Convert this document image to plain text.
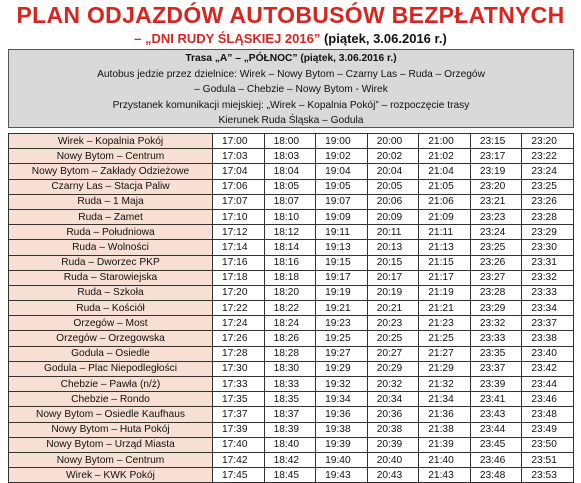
PLAN ODJAZDÓW AUTOBUSÓW BEZPŁATNYCH
– „DNI RUDY ŚLĄSKIEJ 2016” (piątek, 3.06.2016 r.)
Trasa „A” – „PÓŁNOC” (piątek, 3.06.2016 r.)
Autobus jedzie przez dzielnice: Wirek – Nowy Bytom – Czarny Las – Ruda – Orzegów
– Godula – Chebzie – Nowy Bytom - Wirek
Przystanek komunikacji miejskiej: „Wirek – Kopalnia Pokój” – rozpoczęcie trasy
Kierunek Ruda Śląska – Godula
Wirek – Kopalnia Pokój	17:00	18:00	19:00	20:00	21:00	23:15	23:20
Nowy Bytom – Centrum	17:03	18:03	19:02	20:02	21:02	23:17	23:22
Nowy Bytom – Zakłady Odzieżowe	17:04	18:04	19:04	20:04	21:04	23:19	23:24
Czarny Las – Stacja Paliw	17:06	18:05	19:05	20:05	21:05	23:20	23:25
Ruda – 1 Maja	17:07	18:07	19:07	20:06	21:06	23:21	23:26
Ruda – Zamet	17:10	18:10	19:09	20:09	21:09	23:23	23:28
Ruda – Południowa	17:12	18:12	19:11	20:11	21:11	23:24	23:29
Ruda – Wolności	17:14	18:14	19:13	20:13	21:13	23:25	23:30
Ruda – Dworzec PKP	17:16	18:16	19:15	20:15	21:15	23:26	23:31
Ruda – Starowiejska	17:18	18:18	19:17	20:17	21:17	23:27	23:32
Ruda – Szkoła	17:20	18:20	19:19	20:19	21:19	23:28	23:33
Ruda – Kościół	17:22	18:22	19:21	20:21	21:21	23:29	23:34
Orzegów – Most	17:24	18:24	19:23	20:23	21:23	23:32	23:37
Orzegów – Orzegowska	17:26	18:26	19:25	20:25	21:25	23:33	23:38
Godula – Osiedle	17:28	18:28	19:27	20:27	21:27	23:35	23:40
Godula – Plac Niepodległości	17:30	18:30	19:29	20:29	21:29	23:37	23:42
Chebzie – Pawła (n/ż)	17:33	18:33	19:32	20:32	21:32	23:39	23:44
Chebzie – Rondo	17:35	18:35	19:34	20:34	21:34	23:41	23:46
Nowy Bytom – Osiedle Kaufhaus	17:37	18:37	19:36	20:36	21:36	23:43	23:48
Nowy Bytom – Huta Pokój	17:39	18:39	19:38	20:38	21:38	23:44	23:49
Nowy Bytom – Urząd Miasta	17:40	18:40	19:39	20:39	21:39	23:45	23:50
Nowy Bytom – Centrum	17:42	18:42	19:40	20:40	21:40	23:46	23:51
Wirek – KWK Pokój	17:45	18:45	19:43	20:43	21:43	23:48	23:53
